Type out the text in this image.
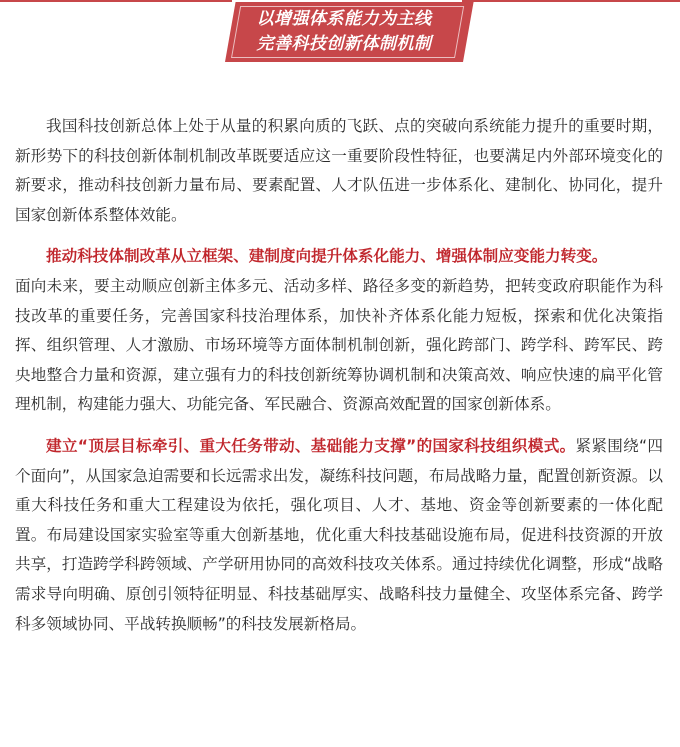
以增强体系能力为主线
完善科技创新体制机制

我国科技创新总体上处于从量的积累向质的飞跃、点的突破向系统能力提升的重要时期，新形势下的科技创新体制机制改革既要适应这一重要阶段性特征，也要满足内外部环境变化的新要求，推动科技创新力量布局、要素配置、人才队伍进一步体系化、建制化、协同化，提升国家创新体系整体效能。

推动科技体制改革从立框架、建制度向提升体系化能力、增强体制应变能力转变。
面向未来，要主动顺应创新主体多元、活动多样、路径多变的新趋势，把转变政府职能作为科技改革的重要任务，完善国家科技治理体系，加快补齐体系化能力短板，探索和优化决策指挥、组织管理、人才激励、市场环境等方面体制机制创新，强化跨部门、跨学科、跨军民、跨央地整合力量和资源，建立强有力的科技创新统筹协调机制和决策高效、响应快速的扁平化管理机制，构建能力强大、功能完备、军民融合、资源高效配置的国家创新体系。

建立“顶层目标牵引、重大任务带动、基础能力支撑”的国家科技组织模式。紧紧围绕“四个面向”，从国家急迫需要和长远需求出发，凝练科技问题，布局战略力量，配置创新资源。以重大科技任务和重大工程建设为依托，强化项目、人才、基地、资金等创新要素的一体化配置。布局建设国家实验室等重大创新基地，优化重大科技基础设施布局，促进科技资源的开放共享，打造跨学科跨领域、产学研用协同的高效科技攻关体系。通过持续优化调整，形成“战略需求导向明确、原创引领特征明显、科技基础厚实、战略科技力量健全、攻坚体系完备、跨学科多领域协同、平战转换顺畅”的科技发展新格局。
